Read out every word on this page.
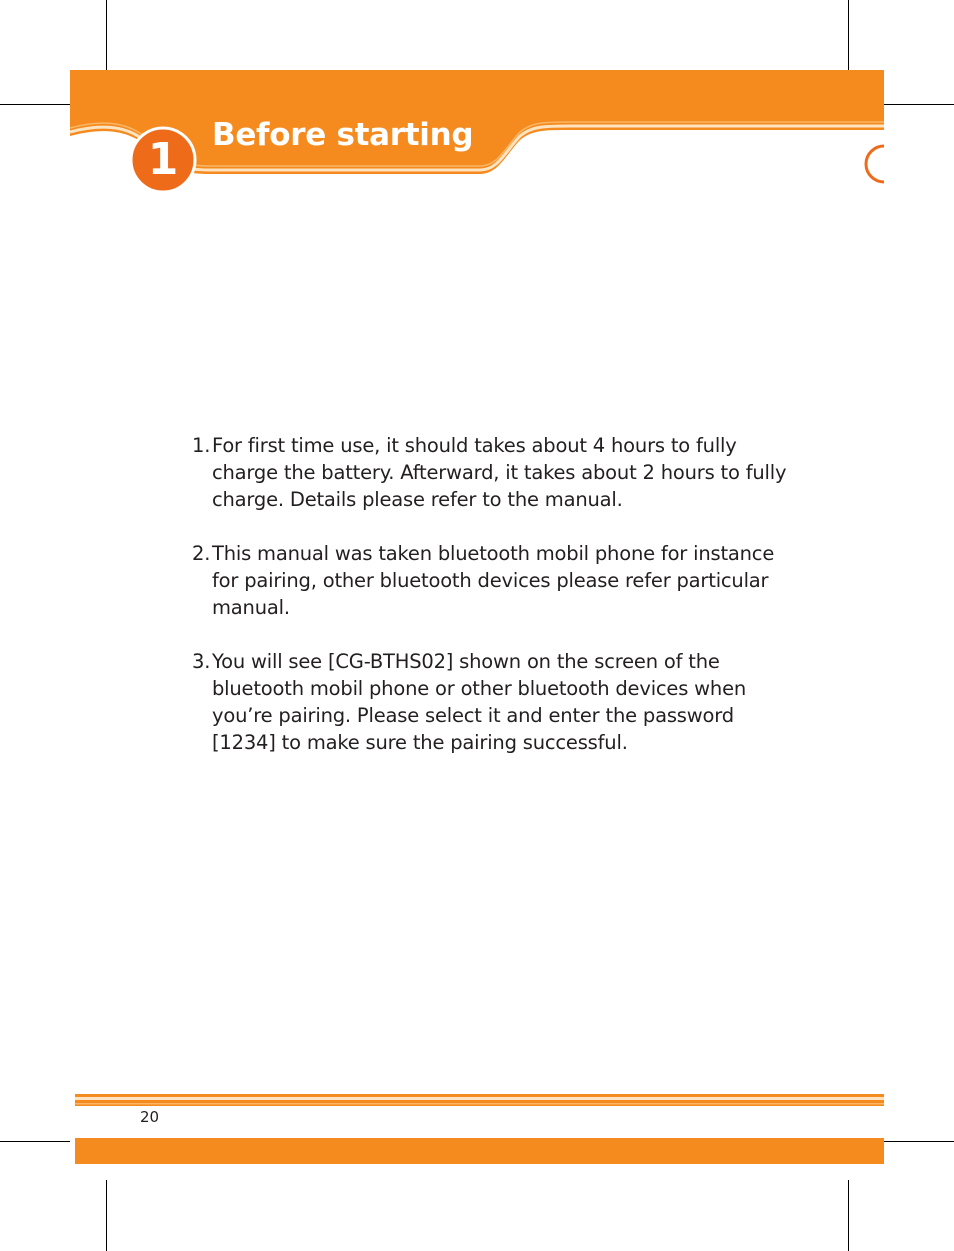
1	Before starting
1. For first time use, it should takes about 4 hours to fully charge the battery. Afterward, it takes about 2 hours to fully charge. Details please refer to the manual.
2. This manual was taken bluetooth mobil phone for instance for pairing, other bluetooth devices please refer particular manual.
3. You will see [CG-BTHS02] shown on the screen of the bluetooth mobil phone or other bluetooth devices when you’re pairing. Please select it and enter the password [1234] to make sure the pairing successful.
20
